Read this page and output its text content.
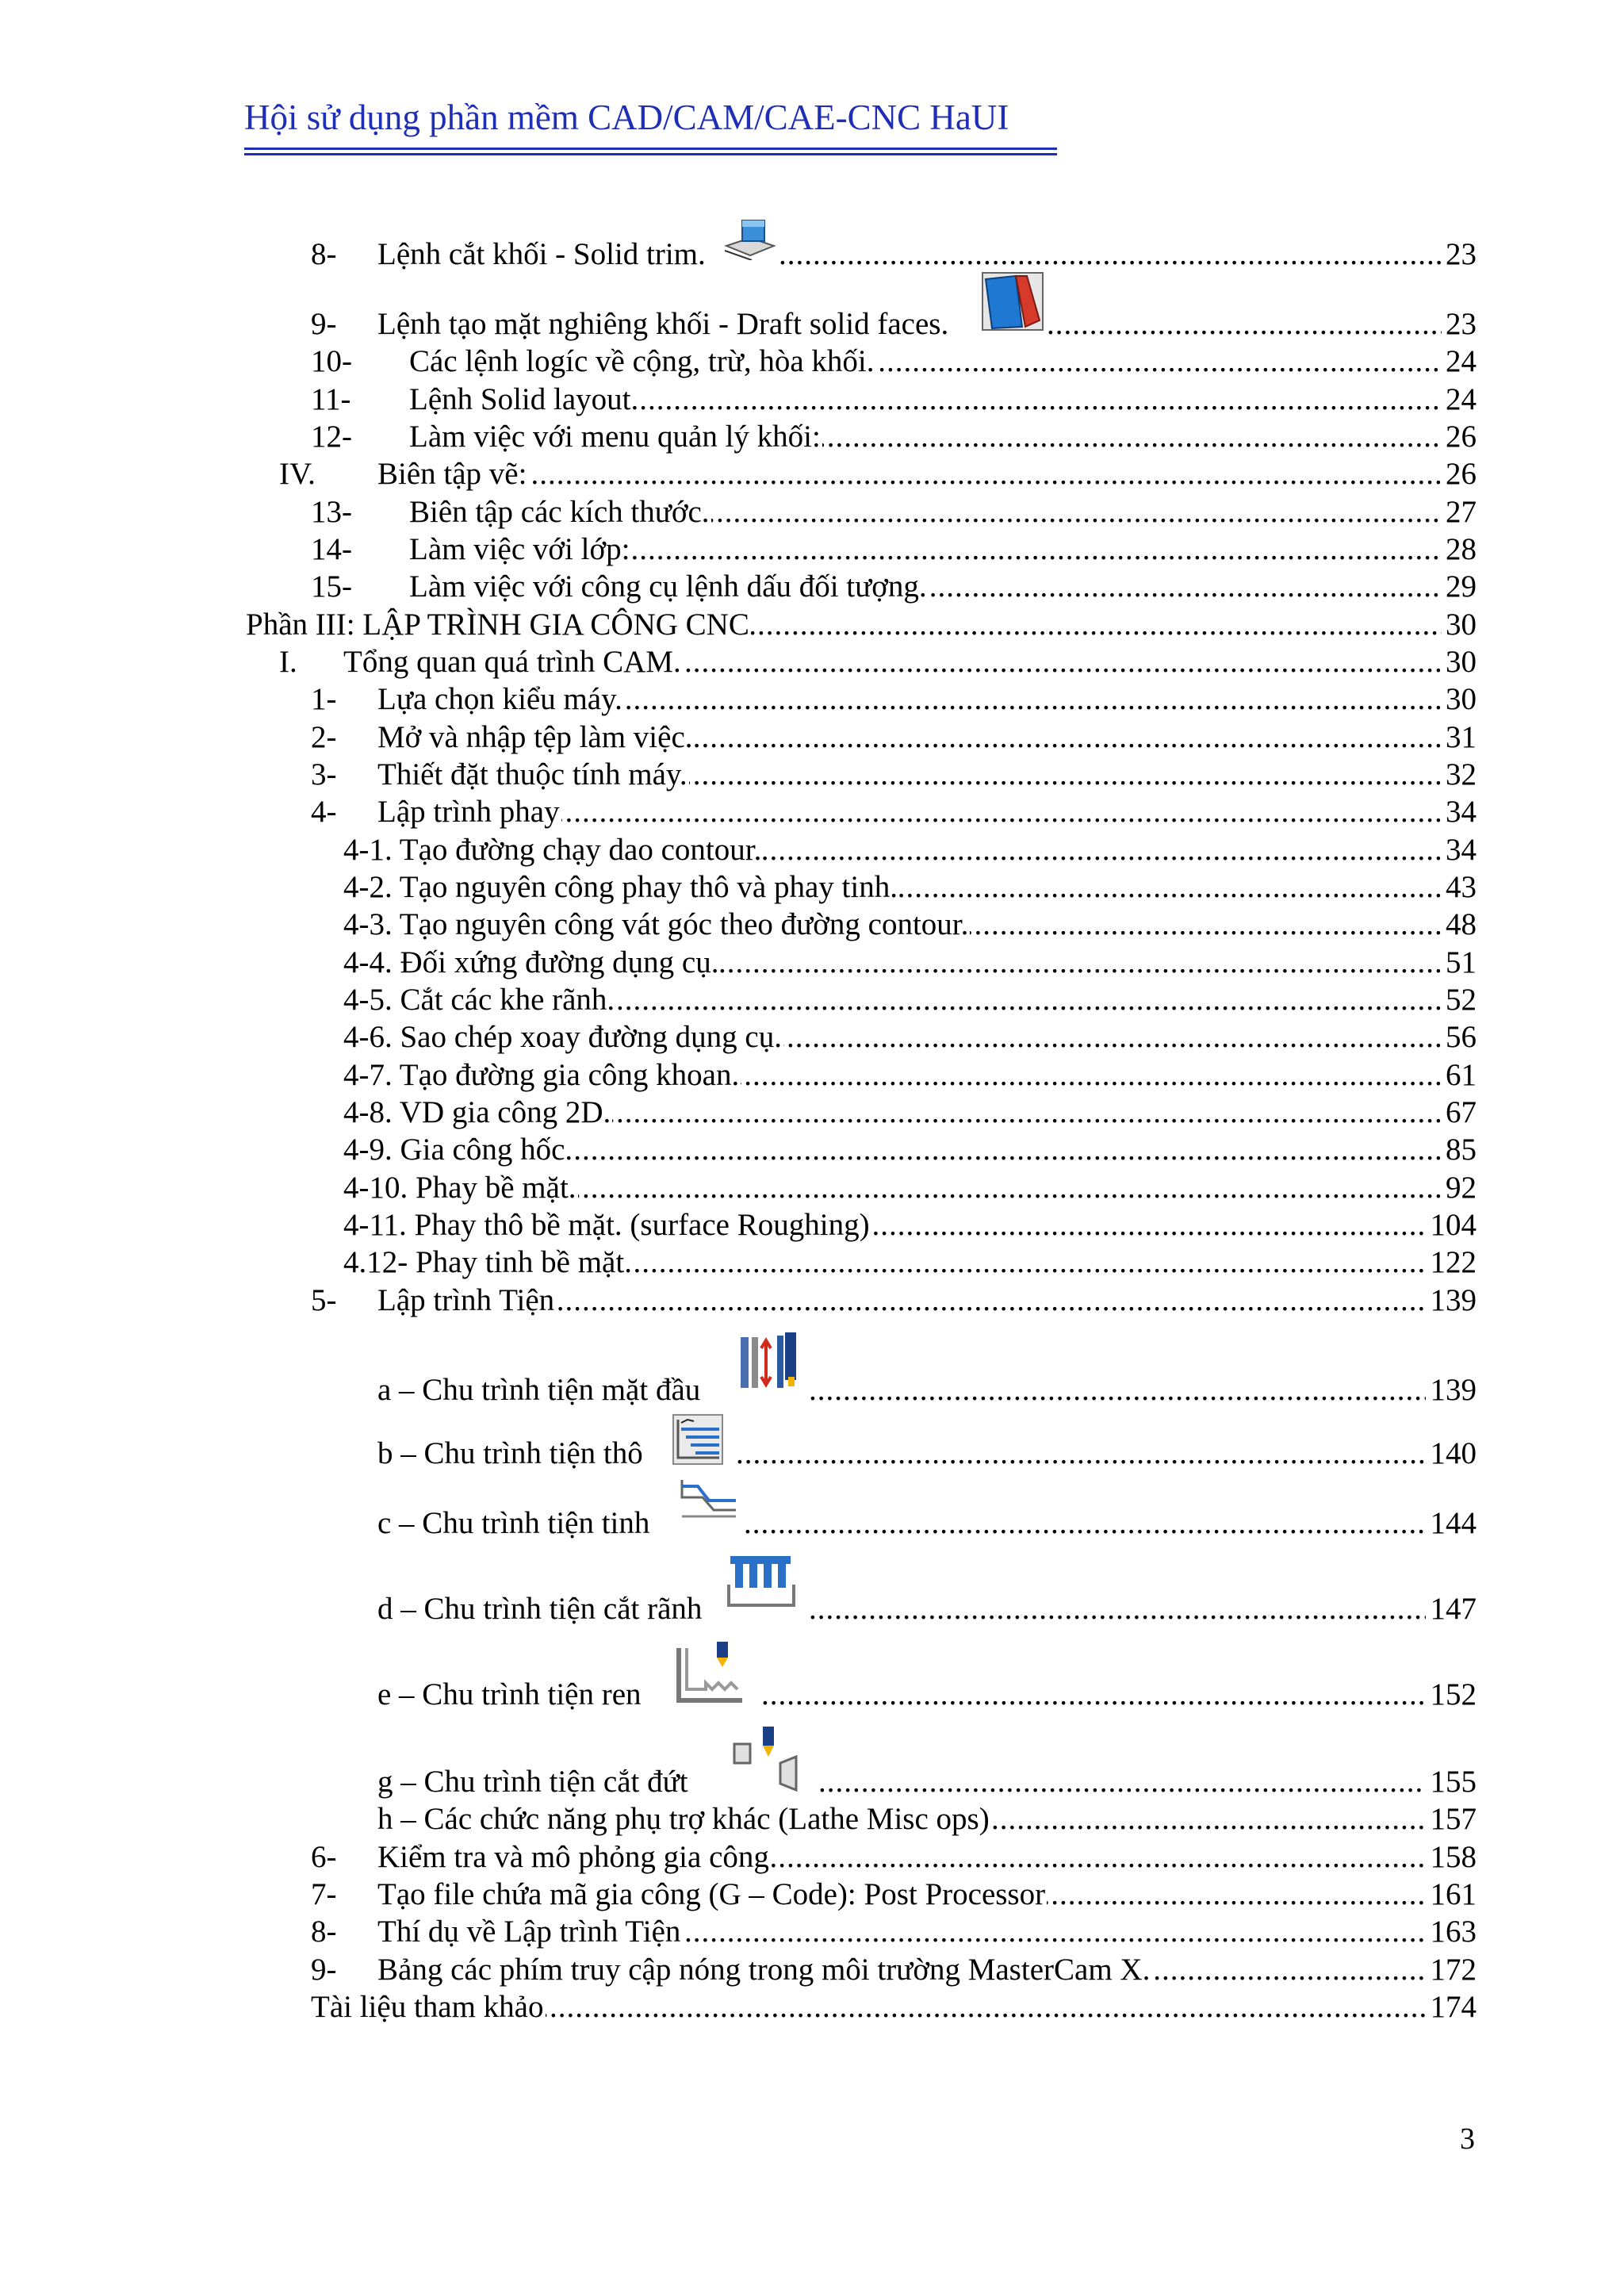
Hội sử dụng phần mềm CAD/CAM/CAE-CNC HaUI
8- ..... Lệnh cắt khối - Solid trim.	23
9- ..... Lệnh tạo mặt nghiêng khối - Draft solid faces.	23
10- ..... Các lệnh logíc về cộng, trừ, hòa khối.	24
11- ..... Lệnh Solid layout.	24
12- ..... Làm việc với menu quản lý khối:	26
IV. ..... Biên tập vẽ:	26
13- ..... Biên tập các kích thước.	27
14- ..... Làm việc với lớp:	28
15- ..... Làm việc với công cụ lệnh dấu đối tượng.	29
.....
Phần III: LẬP TRÌNH GIA CÔNG CNC	30
I. ..... Tổng quan quá trình CAM.	30
1- ..... Lựa chọn kiểu máy.	30
2- ..... Mở và nhập tệp làm việc.	31
3- ..... Thiết đặt thuộc tính máy.	32
4- ..... Lập trình phay	34
.....
4-1. Tạo đường chạy dao contour.	34
.....
4-2. Tạo nguyên công phay thô và phay tinh.	43
.....
4-3. Tạo nguyên công vát góc theo đường contour.	48
.....
4-4. Đối xứng đường dụng cụ.	51
.....
4-5. Cắt các khe rãnh.	52
.....
4-6. Sao chép xoay đường dụng cụ.	56
.....
4-7. Tạo đường gia công khoan.	61
.....
4-8. VD gia công 2D.	67
.....
4-9. Gia công hốc.	85
.....
4-10. Phay bề mặt.	92
.....
4-11. Phay thô bề mặt. (surface Roughing)	104
.....
4.12- Phay tinh bề mặt.	122
5- ..... Lập trình Tiện	139
.....
a – Chu trình tiện mặt đầu	139
.....
b – Chu trình tiện thô	140
.....
c – Chu trình tiện tinh	144
.....
d – Chu trình tiện cắt rãnh	147
.....
e – Chu trình tiện ren	152
.....
g – Chu trình tiện cắt đứt	155
.....
h – Các chức năng phụ trợ khác (Lathe Misc ops)	157
6- ..... Kiểm tra và mô phỏng gia công	158
7- ..... Tạo file chứa mã gia công (G – Code): Post Processor	161
8- ..... Thí dụ về Lập trình Tiện	163
9- ..... Bảng các phím truy cập nóng trong môi trường MasterCam X.	172
.....
Tài liệu tham khảo	174
3
